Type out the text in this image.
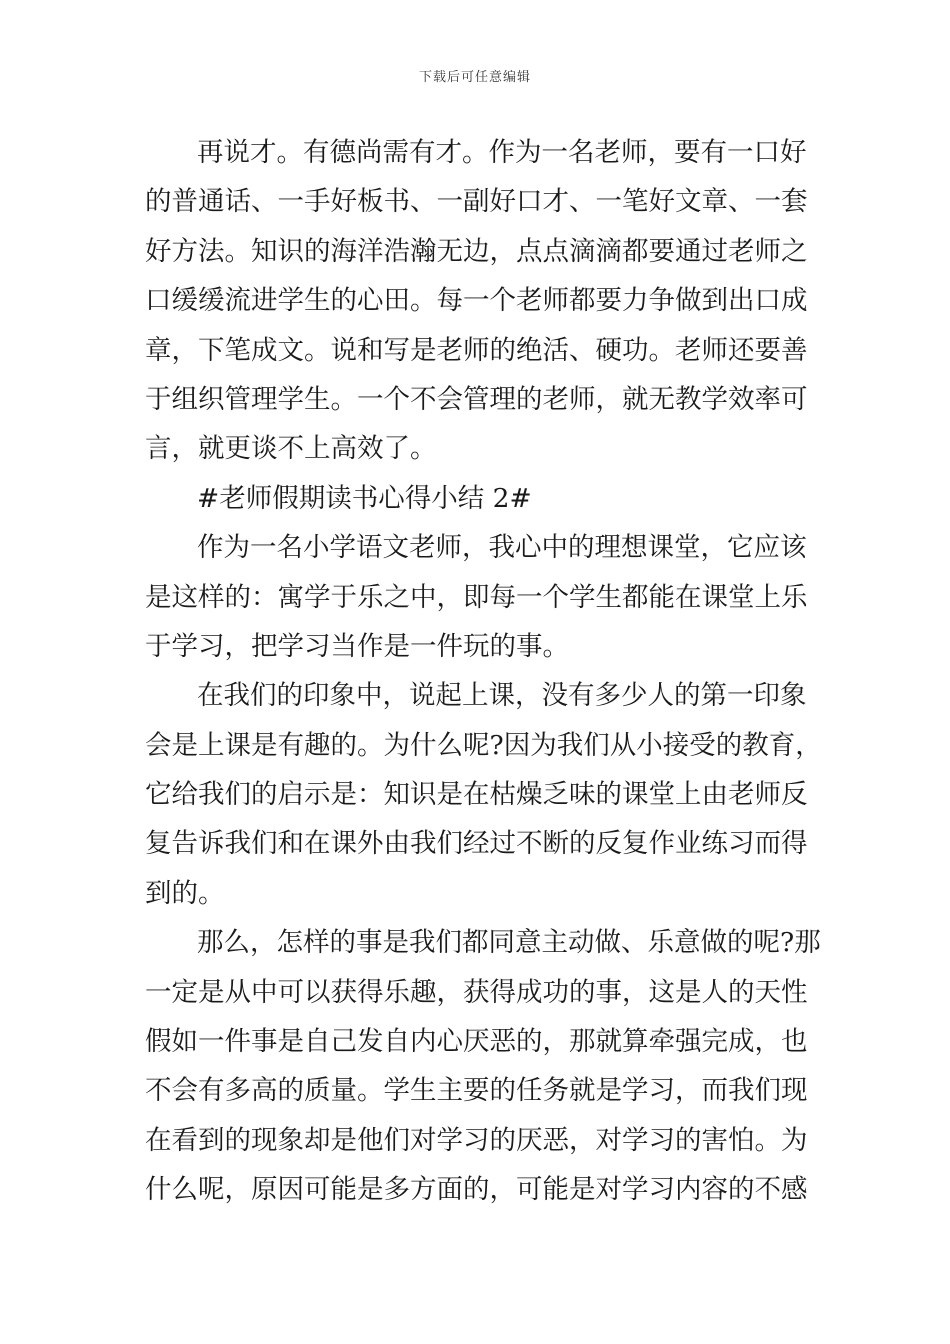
下载后可任意编辑
再说才。有德尚需有才。作为一名老师，要有一口好
的普通话、一手好板书、一副好口才、一笔好文章、一套
好方法。知识的海洋浩瀚无边，点点滴滴都要通过老师之
口缓缓流进学生的心田。每一个老师都要力争做到出口成
章，下笔成文。说和写是老师的绝活、硬功。老师还要善
于组织管理学生。一个不会管理的老师，就无教学效率可
言，就更谈不上高效了。
#老师假期读书心得小结 2#
作为一名小学语文老师，我心中的理想课堂，它应该
是这样的：寓学于乐之中，即每一个学生都能在课堂上乐
于学习，把学习当作是一件玩的事。
在我们的印象中，说起上课，没有多少人的第一印象
会是上课是有趣的。为什么呢?因为我们从小接受的教育，
它给我们的启示是：知识是在枯燥乏味的课堂上由老师反
复告诉我们和在课外由我们经过不断的反复作业练习而得
到的。
那么，怎样的事是我们都同意主动做、乐意做的呢?那
一定是从中可以获得乐趣，获得成功的事，这是人的天性
假如一件事是自己发自内心厌恶的，那就算牵强完成，也
不会有多高的质量。学生主要的任务就是学习，而我们现
在看到的现象却是他们对学习的厌恶，对学习的害怕。为
什么呢，原因可能是多方面的，可能是对学习内容的不感
